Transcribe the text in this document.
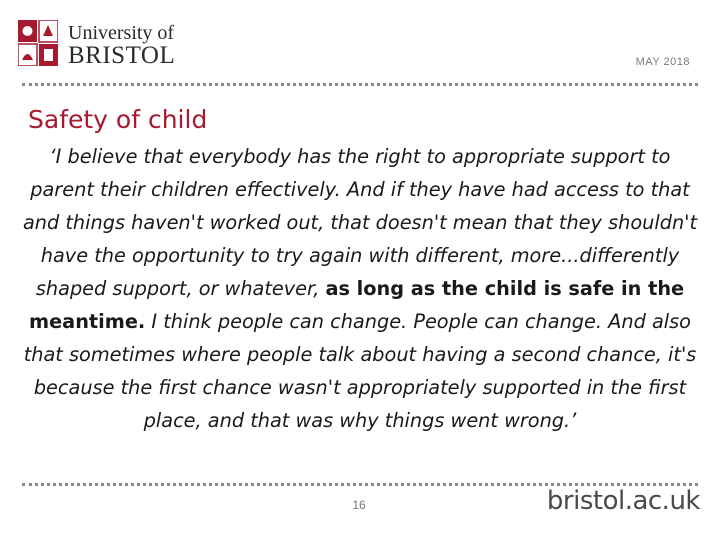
University of
BRISTOL	MAY 2018
Safety of child
‘I believe that everybody has the right to appropriate support to parent their children effectively. And if they have had access to that and things haven't worked out, that doesn't mean that they shouldn't have the opportunity to try again with different, more...differently shaped support, or whatever, as long as the child is safe in the meantime. I think people can change. People can change. And also that sometimes where people talk about having a second chance, it's because the first chance wasn't appropriately supported in the first place, and that was why things went wrong.’
16	bristol.ac.uk
